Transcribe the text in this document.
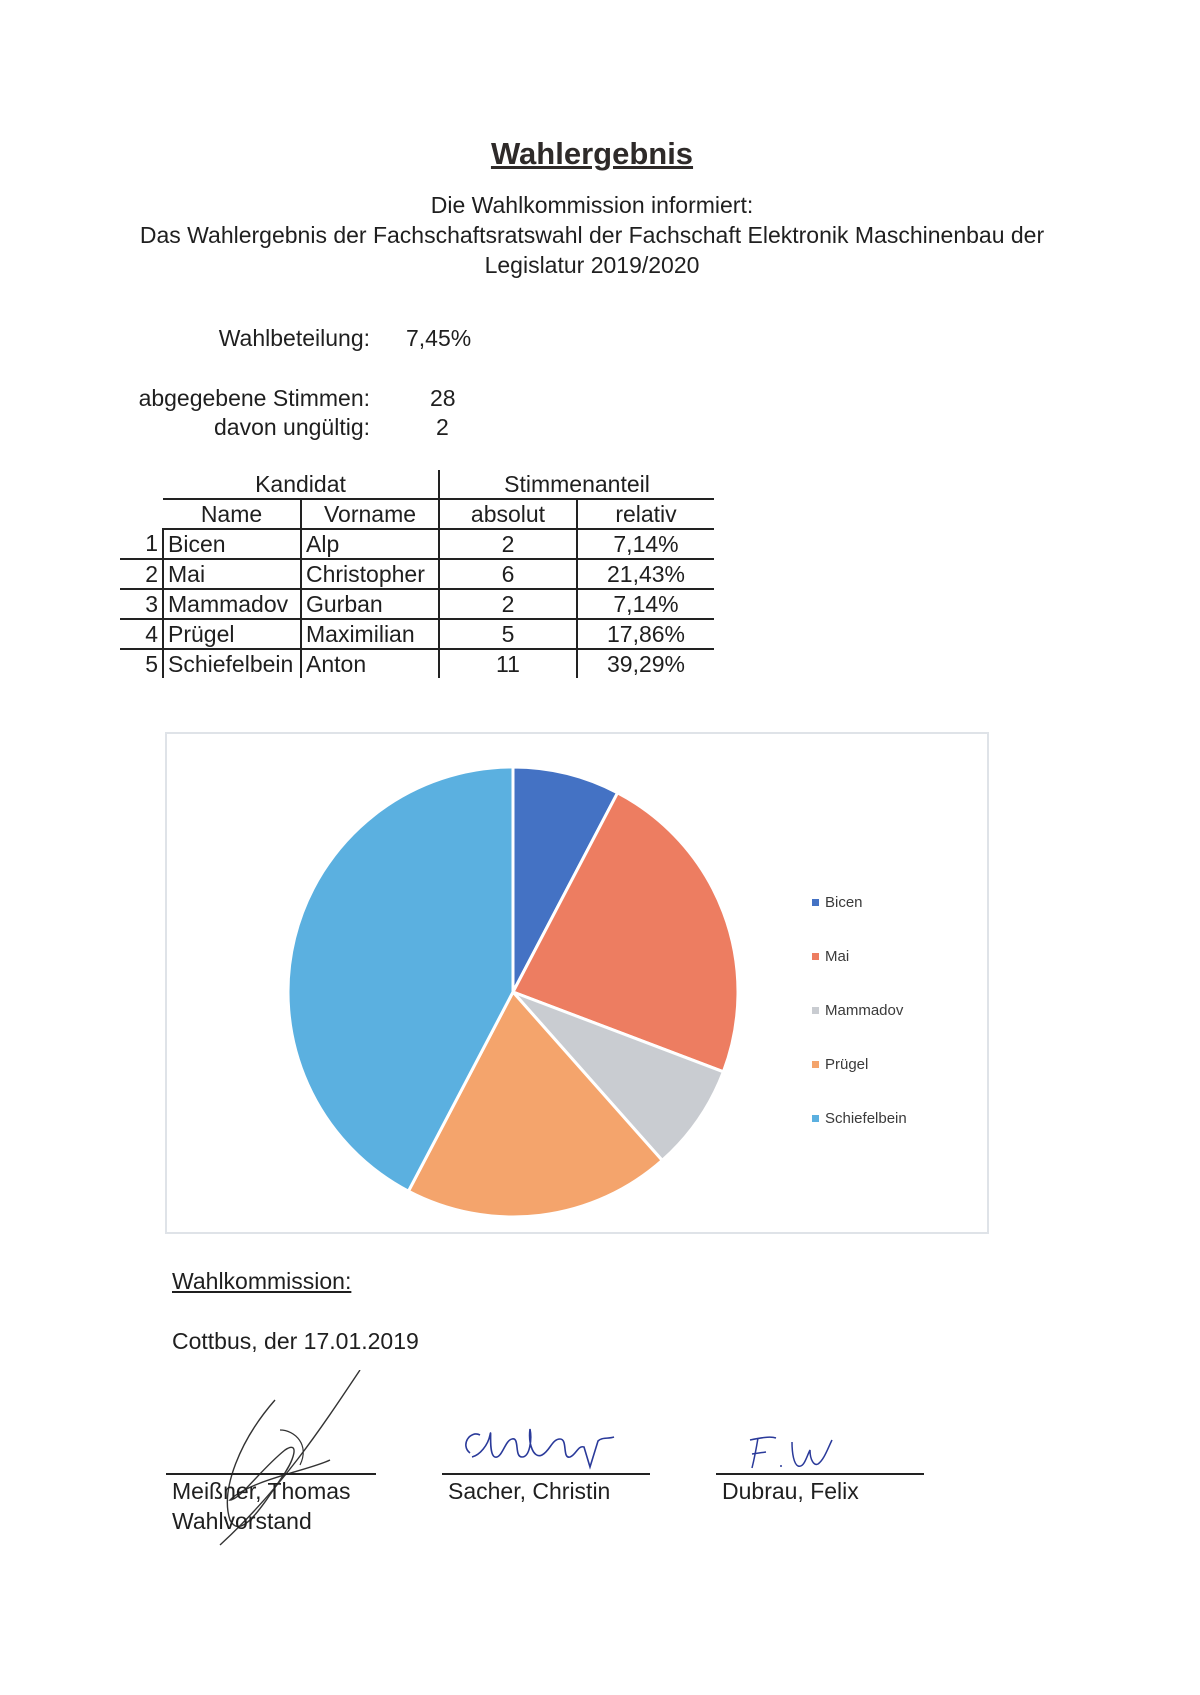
Wahlergebnis
Die Wahlkommission informiert:
Das Wahlergebnis der Fachschaftsratswahl der Fachschaft Elektronik Maschinenbau der
Legislatur 2019/2020
Wahlbeteilung: 7,45%
abgegebene Stimmen:	28
davon ungültig:	2
	Kandidat		Stimmenanteil	
	Name	Vorname	absolut	relativ
1	Bicen	Alp	2	7,14%
2	Mai	Christopher	6	21,43%
3	Mammadov	Gurban	2	7,14%
4	Prügel	Maximilian	5	17,86%
5	Schiefelbein	Anton	11	39,29%
Bicen
Mai
Mammadov
Prügel
Schiefelbein
Wahlkommission:
Cottbus, der 17.01.2019
Meißner, Thomas
Wahlvorstand
Sacher, Christin	Dubrau, Felix
